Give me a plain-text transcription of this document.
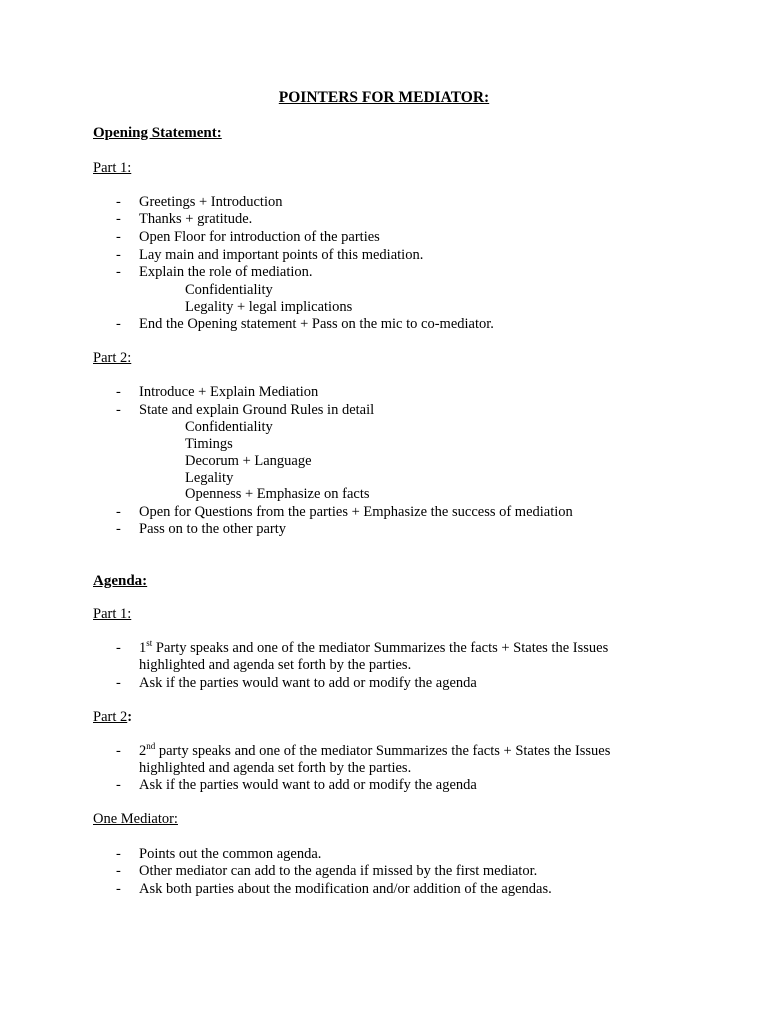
POINTERS FOR MEDIATOR:
Opening Statement:
Part 1:
- Greetings + Introduction
- Thanks + gratitude.
- Open Floor for introduction of the parties
- Lay main and important points of this mediation.
- Explain the role of mediation.
Confidentiality
Legality + legal implications
- End the Opening statement + Pass on the mic to co-mediator.
Part 2:
- Introduce + Explain Mediation
- State and explain Ground Rules in detail
Confidentiality
Timings
Decorum + Language
Legality
Openness + Emphasize on facts
- Open for Questions from the parties + Emphasize the success of mediation
- Pass on to the other party
Agenda:
Part 1:
- 1st Party speaks and one of the mediator Summarizes the facts + States the Issues
highlighted and agenda set forth by the parties.
- Ask if the parties would want to add or modify the agenda
Part 2:
- 2nd party speaks and one of the mediator Summarizes the facts + States the Issues
highlighted and agenda set forth by the parties.
- Ask if the parties would want to add or modify the agenda
One Mediator:
- Points out the common agenda.
- Other mediator can add to the agenda if missed by the first mediator.
- Ask both parties about the modification and/or addition of the agendas.
